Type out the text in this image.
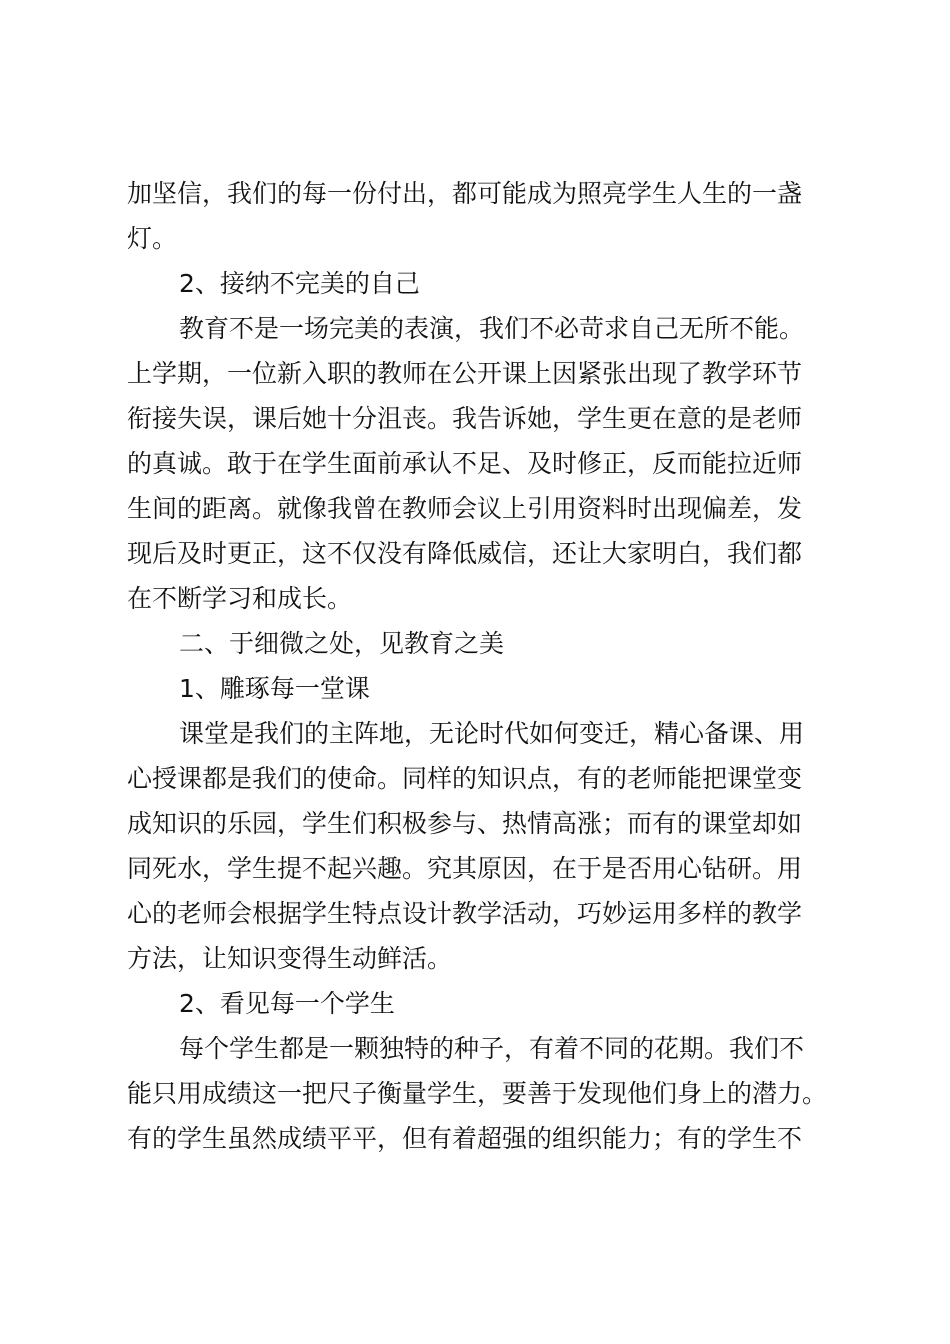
加坚信，我们的每一份付出，都可能成为照亮学生人生的一盏
灯。
2、接纳不完美的自己
教育不是一场完美的表演，我们不必苛求自己无所不能。
上学期，一位新入职的教师在公开课上因紧张出现了教学环节
衔接失误，课后她十分沮丧。我告诉她，学生更在意的是老师
的真诚。敢于在学生面前承认不足、及时修正，反而能拉近师
生间的距离。就像我曾在教师会议上引用资料时出现偏差，发
现后及时更正，这不仅没有降低威信，还让大家明白，我们都
在不断学习和成长。
二、于细微之处，见教育之美
1、雕琢每一堂课
课堂是我们的主阵地，无论时代如何变迁，精心备课、用
心授课都是我们的使命。同样的知识点，有的老师能把课堂变
成知识的乐园，学生们积极参与、热情高涨；而有的课堂却如
同死水，学生提不起兴趣。究其原因，在于是否用心钻研。用
心的老师会根据学生特点设计教学活动，巧妙运用多样的教学
方法，让知识变得生动鲜活。
2、看见每一个学生
每个学生都是一颗独特的种子，有着不同的花期。我们不
能只用成绩这一把尺子衡量学生，要善于发现他们身上的潜力。
有的学生虽然成绩平平，但有着超强的组织能力；有的学生不
